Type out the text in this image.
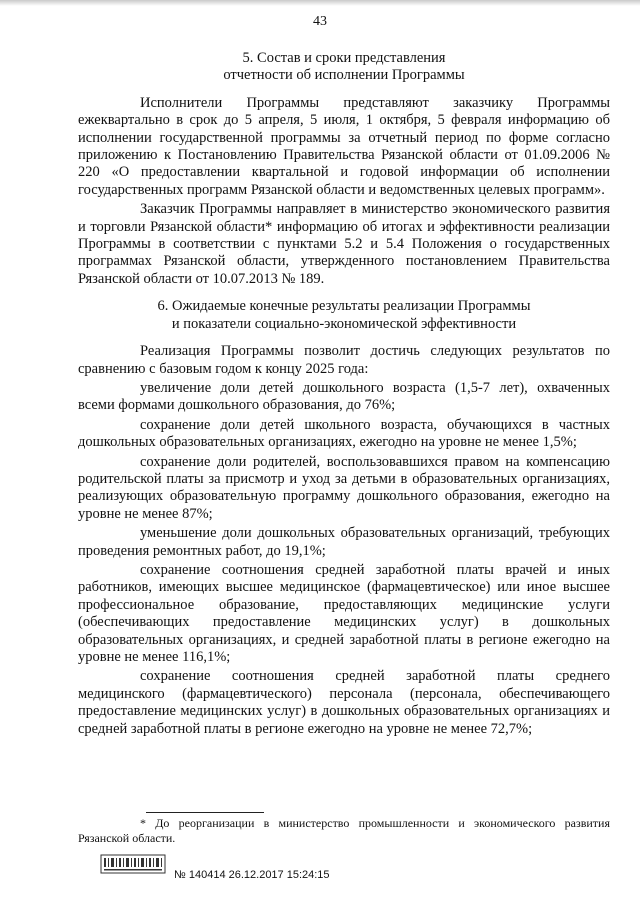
43
5. Состав и сроки представления
отчетности об исполнении Программы

Исполнители Программы представляют заказчику Программы ежеквартально в срок до 5 апреля, 5 июля, 1 октября, 5 февраля информацию об исполнении государственной программы за отчетный период по форме согласно приложению к Постановлению Правительства Рязанской области от 01.09.2006 № 220 «О предоставлении квартальной и годовой информации об исполнении государственных программ Рязанской области и ведомственных целевых программ».

Заказчик Программы направляет в министерство экономического развития и торговли Рязанской области* информацию об итогах и эффективности реализации Программы в соответствии с пунктами 5.2 и 5.4 Положения о государственных программах Рязанской области, утвержденного постановлением Правительства Рязанской области от 10.07.2013 № 189.

6. Ожидаемые конечные результаты реализации Программы
и показатели социально-экономической эффективности

Реализация Программы позволит достичь следующих результатов по сравнению с базовым годом к концу 2025 года:

увеличение доли детей дошкольного возраста (1,5-7 лет), охваченных всеми формами дошкольного образования, до 76%;

сохранение доли детей школьного возраста, обучающихся в частных дошкольных образовательных организациях, ежегодно на уровне не менее 1,5%;

сохранение доли родителей, воспользовавшихся правом на компенсацию родительской платы за присмотр и уход за детьми в образовательных организациях, реализующих образовательную программу дошкольного образования, ежегодно на уровне не менее 87%;

уменьшение доли дошкольных образовательных организаций, требующих проведения ремонтных работ, до 19,1%;

сохранение соотношения средней заработной платы врачей и иных работников, имеющих высшее медицинское (фармацевтическое) или иное высшее профессиональное образование, предоставляющих медицинские услуги (обеспечивающих предоставление медицинских услуг) в дошкольных образовательных организациях, и средней заработной платы в регионе ежегодно на уровне не менее 116,1%;

сохранение соотношения средней заработной платы среднего медицинского (фармацевтического) персонала (персонала, обеспечивающего предоставление медицинских услуг) в дошкольных образовательных организациях и средней заработной платы в регионе ежегодно на уровне не менее 72,7%;

* До реорганизации в министерство промышленности и экономического развития Рязанской области.
№ 140414 26.12.2017 15:24:15
